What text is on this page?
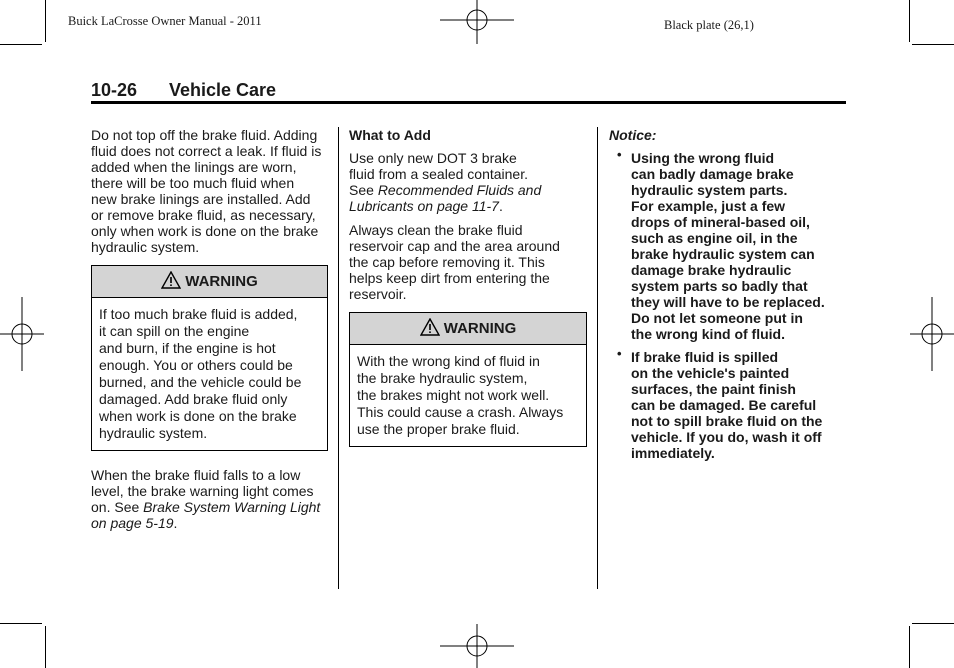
Buick LaCrosse Owner Manual - 2011	Black plate (26,1)
10-26 Vehicle Care

Do not top off the brake fluid. Adding fluid does not correct a leak. If fluid is added when the linings are worn, there will be too much fluid when new brake linings are installed. Add or remove brake fluid, as necessary, only when work is done on the brake hydraulic system.

WARNING
If too much brake fluid is added,
it can spill on the engine
and burn, if the engine is hot
enough. You or others could be
burned, and the vehicle could be
damaged. Add brake fluid only
when work is done on the brake
hydraulic system.

When the brake fluid falls to a low level, the brake warning light comes on. See Brake System Warning Light on page 5-19.

What to Add

Use only new DOT 3 brake
fluid from a sealed container.
See Recommended Fluids and
Lubricants on page 11-7.

Always clean the brake fluid reservoir cap and the area around the cap before removing it. This helps keep dirt from entering the reservoir.

WARNING
With the wrong kind of fluid in
the brake hydraulic system,
the brakes might not work well.
This could cause a crash. Always
use the proper brake fluid.

Notice:

• Using the wrong fluid
can badly damage brake
hydraulic system parts.
For example, just a few
drops of mineral-based oil,
such as engine oil, in the
brake hydraulic system can
damage brake hydraulic
system parts so badly that
they will have to be replaced.
Do not let someone put in
the wrong kind of fluid.
• If brake fluid is spilled
on the vehicle's painted
surfaces, the paint finish
can be damaged. Be careful
not to spill brake fluid on the
vehicle. If you do, wash it off
immediately.
